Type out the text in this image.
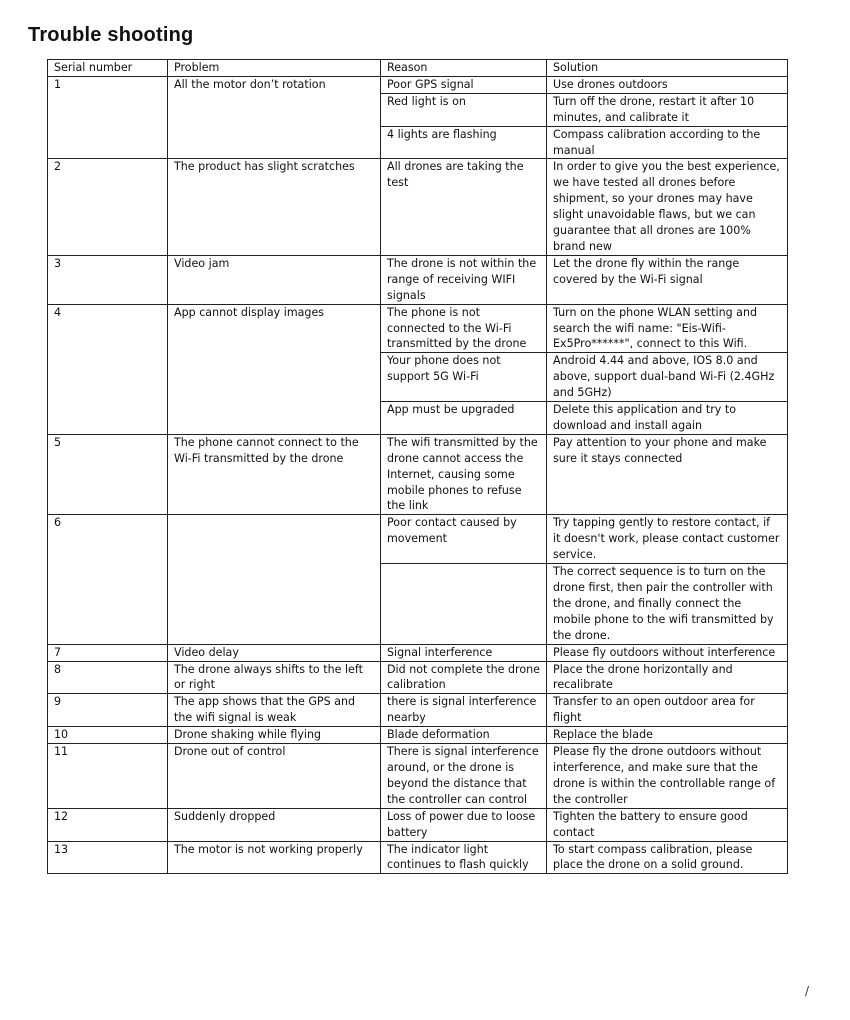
Trouble shooting
Serial number	Problem	Reason	Solution
1	All the motor don’t rotation	Poor GPS signal	Use drones outdoors
		Red light is on	Turn off the drone, restart it after 10 minutes, and calibrate it
		4 lights are flashing	Compass calibration according to the manual
2	The product has slight scratches	All drones are taking the test	In order to give you the best experience, we have tested all drones before shipment, so your drones may have slight unavoidable flaws, but we can guarantee that all drones are 100% brand new
3	Video jam	The drone is not within the range of receiving WIFI signals	Let the drone fly within the range covered by the Wi-Fi signal
4	App cannot display images	The phone is not connected to the Wi-Fi transmitted by the drone	Turn on the phone WLAN setting and search the wifi name: "Eis-Wifi-Ex5Pro******", connect to this Wifi.
		Your phone does not support 5G Wi-Fi	Android 4.44 and above, IOS 8.0 and above, support dual-band Wi-Fi (2.4GHz and 5GHz)
		App must be upgraded	Delete this application and try to download and install again
5	The phone cannot connect to the Wi-Fi transmitted by the drone	The wifi transmitted by the drone cannot access the Internet, causing some mobile phones to refuse the link	Pay attention to your phone and make sure it stays connected
6		Poor contact caused by movement	Try tapping gently to restore contact, if it doesn't work, please contact customer service.
			The correct sequence is to turn on the drone first, then pair the controller with the drone, and finally connect the mobile phone to the wifi transmitted by the drone.
7	Video delay	Signal interference	Please fly outdoors without interference
8	The drone always shifts to the left or right	Did not complete the drone calibration	Place the drone horizontally and recalibrate
9	The app shows that the GPS and the wifi signal is weak	there is signal interference nearby	Transfer to an open outdoor area for flight
10	Drone shaking while flying	Blade deformation	Replace the blade
11	Drone out of control	There is signal interference around, or the drone is beyond the distance that the controller can control	Please fly the drone outdoors without interference, and make sure that the drone is within the controllable range of the controller
12	Suddenly dropped	Loss of power due to loose battery	Tighten the battery to ensure good contact
13	The motor is not working properly	The indicator light continues to flash quickly	To start compass calibration, please place the drone on a solid ground.
/
